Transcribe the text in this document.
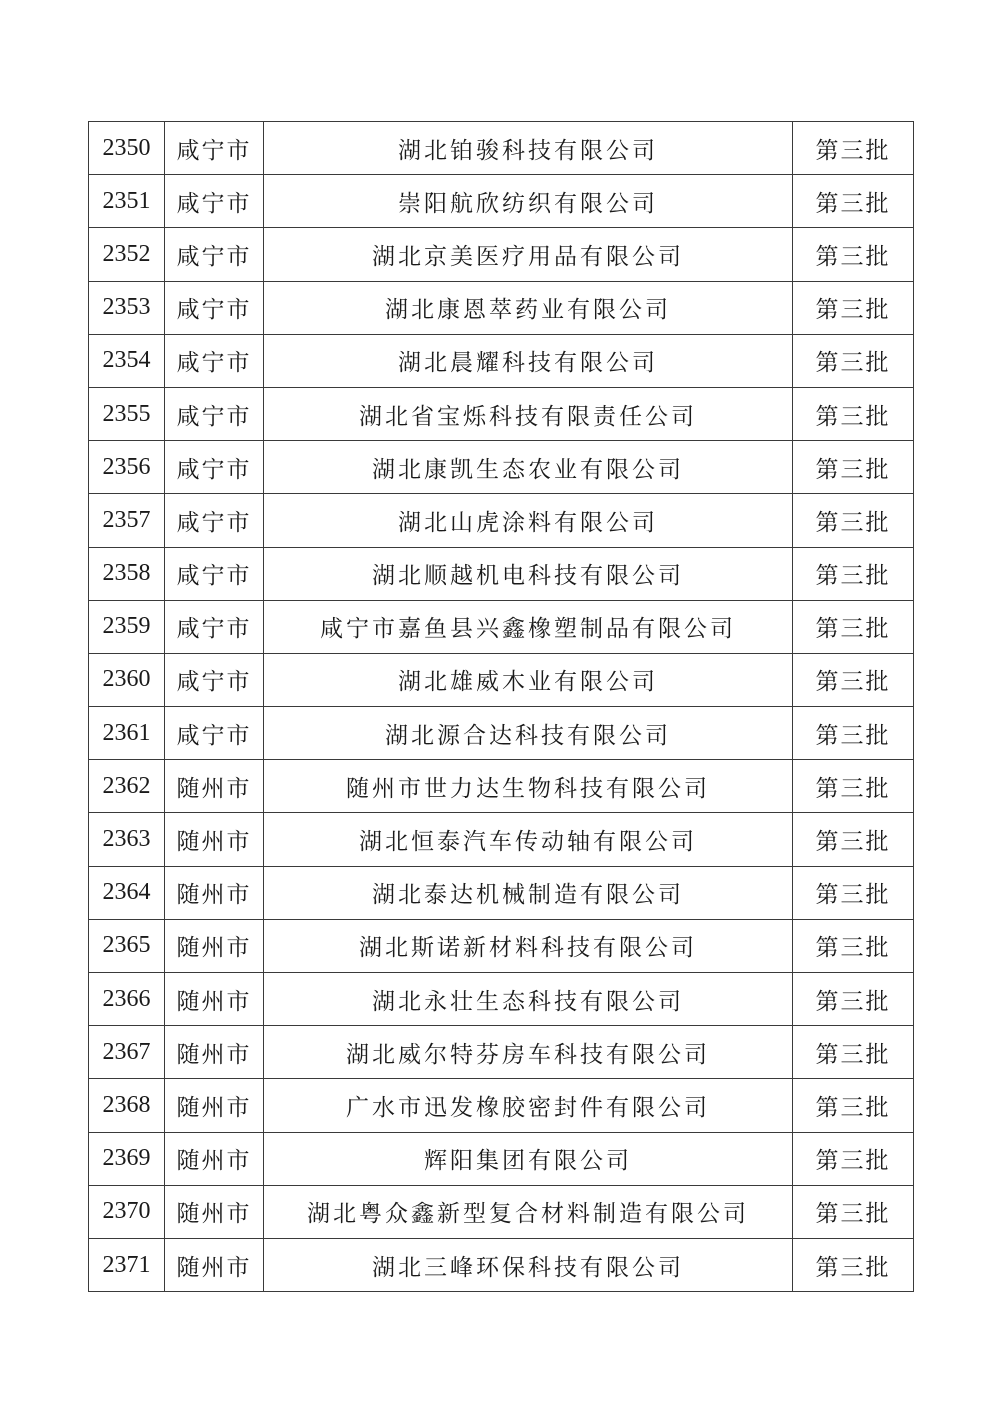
2350	咸宁市	湖北铂骏科技有限公司	第三批
2351	咸宁市	崇阳航欣纺织有限公司	第三批
2352	咸宁市	湖北京美医疗用品有限公司	第三批
2353	咸宁市	湖北康恩萃药业有限公司	第三批
2354	咸宁市	湖北晨耀科技有限公司	第三批
2355	咸宁市	湖北省宝烁科技有限责任公司	第三批
2356	咸宁市	湖北康凯生态农业有限公司	第三批
2357	咸宁市	湖北山虎涂料有限公司	第三批
2358	咸宁市	湖北顺越机电科技有限公司	第三批
2359	咸宁市	咸宁市嘉鱼县兴鑫橡塑制品有限公司	第三批
2360	咸宁市	湖北雄威木业有限公司	第三批
2361	咸宁市	湖北源合达科技有限公司	第三批
2362	随州市	随州市世力达生物科技有限公司	第三批
2363	随州市	湖北恒泰汽车传动轴有限公司	第三批
2364	随州市	湖北泰达机械制造有限公司	第三批
2365	随州市	湖北斯诺新材料科技有限公司	第三批
2366	随州市	湖北永壮生态科技有限公司	第三批
2367	随州市	湖北威尔特芬房车科技有限公司	第三批
2368	随州市	广水市迅发橡胶密封件有限公司	第三批
2369	随州市	辉阳集团有限公司	第三批
2370	随州市	湖北粤众鑫新型复合材料制造有限公司	第三批
2371	随州市	湖北三峰环保科技有限公司	第三批
